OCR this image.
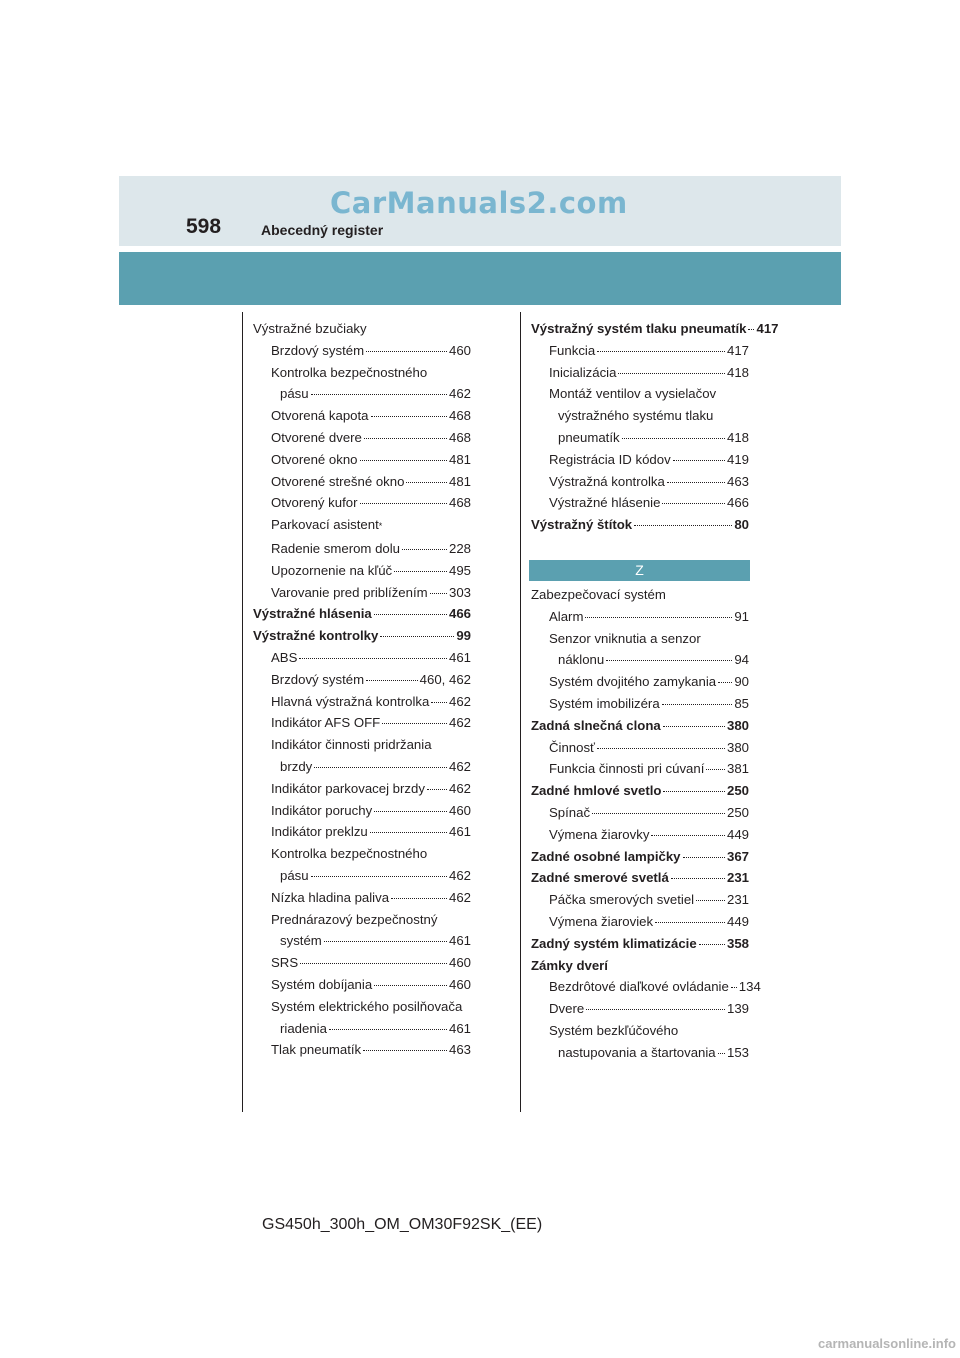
CarManuals2.com
598	Abecedný register
Výstražné bzučiaky
Brzdový systém	460
Kontrolka bezpečnostného
pásu	462
Otvorená kapota	468
Otvorené dvere	468
Otvorené okno	481
Otvorené strešné okno	481
Otvorený kufor	468
Parkovací asistent *
Radenie smerom dolu	228
Upozornenie na kľúč	495
Varovanie pred priblížením 303
Výstražné hlásenia	466
Výstražné kontrolky	99
ABS	461
Brzdový systém	460, 462
Hlavná výstražná kontrolka 462
Indikátor AFS OFF	462
Indikátor činnosti pridržania
brzdy	462
Indikátor parkovacej brzdy 462
Indikátor poruchy	460
Indikátor preklzu	461
Kontrolka bezpečnostného
pásu	462
Nízka hladina paliva	462
Prednárazový bezpečnostný
systém	461
SRS	460
Systém dobíjania	460
Systém elektrického posilňovača
riadenia	461
Tlak pneumatík	463
Výstražný systém tlaku pneumatík 417
Funkcia	417
Inicializácia	418
Montáž ventilov a vysielačov
výstražného systému tlaku
pneumatík	418
Registrácia ID kódov	419
Výstražná kontrolka	463
Výstražné hlásenie	466
Výstražný štítok	80
Z
Zabezpečovací systém
Alarm	91
Senzor vniknutia a senzor
náklonu	94
Systém dvojitého zamykania 90
Systém imobilizéra	85
Zadná slnečná clona	380
Činnosť	380
Funkcia činnosti pri cúvaní 381
Zadné hmlové svetlo	250
Spínač	250
Výmena žiarovky	449
Zadné osobné lampičky	367
Zadné smerové svetlá	231
Páčka smerových svetiel 231
Výmena žiaroviek	449
Zadný systém klimatizácie 358
Zámky dverí
Bezdrôtové diaľkové ovládanie 134
Dvere	139
Systém bezkľúčového
nastupovania a štartovania 153
GS450h_300h_OM_OM30F92SK_(EE)
carmanualsonline.info
